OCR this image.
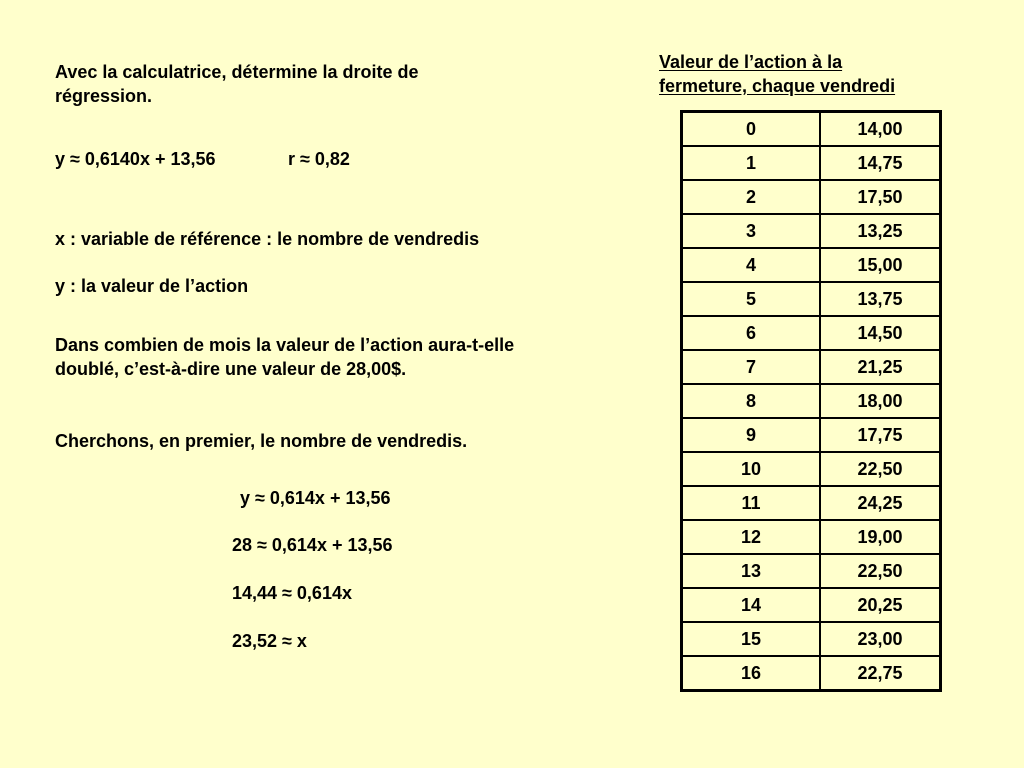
Avec la calculatrice, détermine la droite de
régression.
y ≈ 0,6140x + 13,56	r ≈ 0,82
x : variable de référence : le nombre de vendredis
y : la valeur de l’action
Dans combien de mois la valeur de l’action aura-t-elle
doublé, c’est-à-dire une valeur de 28,00$.
Cherchons, en premier, le nombre de vendredis.
y ≈ 0,614x + 13,56
28 ≈ 0,614x + 13,56
14,44 ≈ 0,614x
23,52 ≈ x
Valeur de l’action à la
fermeture, chaque vendredi
0	14,00
1	14,75
2	17,50
3	13,25
4	15,00
5	13,75
6	14,50
7	21,25
8	18,00
9	17,75
10	22,50
11	24,25
12	19,00
13	22,50
14	20,25
15	23,00
16	22,75
